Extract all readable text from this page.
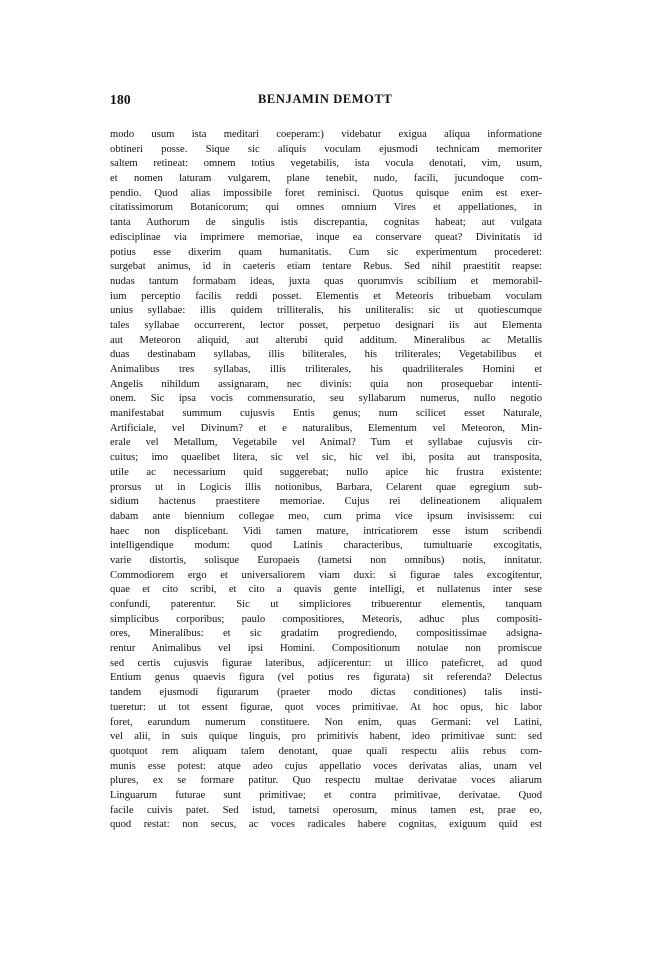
180	BENJAMIN DEMOTT
modo usum ista meditari coeperam:) videbatur exigua aliqua informatione
obtineri posse. Sique sic aliquis voculam ejusmodi technicam memoriter
saltem retineat: omnem totius vegetabilis, ista vocula denotati, vim, usum,
et nomen laturam vulgarem, plane tenebit, nudo, facili, jucundoque com-
pendio. Quod alias impossibile foret reminisci. Quotus quisque enim est exer-
citatissimorum Botanicorum; qui omnes omnium Vires et appellationes, in
tanta Authorum de singulis istis discrepantia, cognitas habeat; aut vulgata
edisciplinae via imprimere memoriae, inque ea conservare queat? Divinitatis id
potius esse dixerim quam humanitatis. Cum sic experimentum procederet:
surgebat animus, id in caeteris etiam tentare Rebus. Sed nihil praestitit reapse:
nudas tantum formabam ideas, juxta quas quorumvis scibilium et memorabil-
ium perceptio facilis reddi posset. Elementis et Meteoris tribuebam voculam
unius syllabae: illis quidem trilliteralis, his uniliteralis: sic ut quotiescumque
tales syllabae occurrerent, lector posset, perpetuo designari iis aut Elementa
aut Meteoron aliquid, aut alterubi quid additum. Mineralibus ac Metallis
duas destinabam syllabas, illis biliterales, his triliterales; Vegetabilibus et
Animalibus tres syllabas, illis triliterales, his quadriliterales Homini et
Angelis nihildum assignaram, nec divinis: quia non prosequebar intenti-
onem. Sic ipsa vocis commensuratio, seu syllabarum numerus, nullo negotio
manifestabat summum cujusvis Entis genus; num scilicet esset Naturale,
Artificiale, vel Divinum? et e naturalibus, Elementum vel Meteoron, Min-
erale vel Metallum, Vegetabile vel Animal? Tum et syllabae cujusvis cir-
cuitus; imo quaelibet litera, sic vel sic, hic vel ibi, posita aut transposita,
utile ac necessarium quid suggerebat; nullo apice hic frustra existente:
prorsus ut in Logicis illis notionibus, Barbara, Celarent quae egregium sub-
sidium hactenus praestitere memoriae. Cujus rei delineationem aliqualem
dabam ante biennium collegae meo, cum prima vice ipsum invisissem: cui
haec non displicebant. Vidi tamen mature, intricatiorem esse istum scribendi
intelligendique modum: quod Latinis characteribus, tumultuarie excogitatis,
varie distortis, solisque Europaeis (tametsi non omnibus) notis, innitatur.
Commodiorem ergo et universaliorem viam duxi: si figurae tales excogitentur,
quae et cito scribi, et cito a quavis gente intelligi, et nullatenus inter sese
confundi, paterentur. Sic ut simpliciores tribuerentur elementis, tanquam
simplicibus corporibus; paulo compositiores, Meteoris, adhuc plus compositi-
ores, Mineralibus: et sic gradatim progrediendo, compositissimae adsigna-
rentur Animalibus vel ipsi Homini. Compositionum notulae non promiscue
sed certis cujusvis figurae lateribus, adjicerentur: ut illico pateficret, ad quod
Entium genus quaevis figura (vel potius res figurata) sit referenda? Delectus
tandem ejusmodi figurarum (praeter modo dictas conditiones) talis insti-
tueretur: ut tot essent figurae, quot voces primitivae. At hoc opus, hic labor
foret, earundum numerum constituere. Non enim, quas Germani: vel Latini,
vel alii, in suis quique linguis, pro primitivis habent, ideo primitivae sunt: sed
quotquot rem aliquam talem denotant, quae quali respectu aliis rebus com-
munis esse potest: atque adeo cujus appellatio voces derivatas alias, unam vel
plures, ex se formare patitur. Quo respectu multae derivatae voces aliarum
Linguarum futurae sunt primitivae; et contra primitivae, derivatae. Quod
facile cuivis patet. Sed istud, tametsi operosum, minus tamen est, prae eo,
quod restat: non secus, ac voces radicales habere cognitas, exiguum quid est
